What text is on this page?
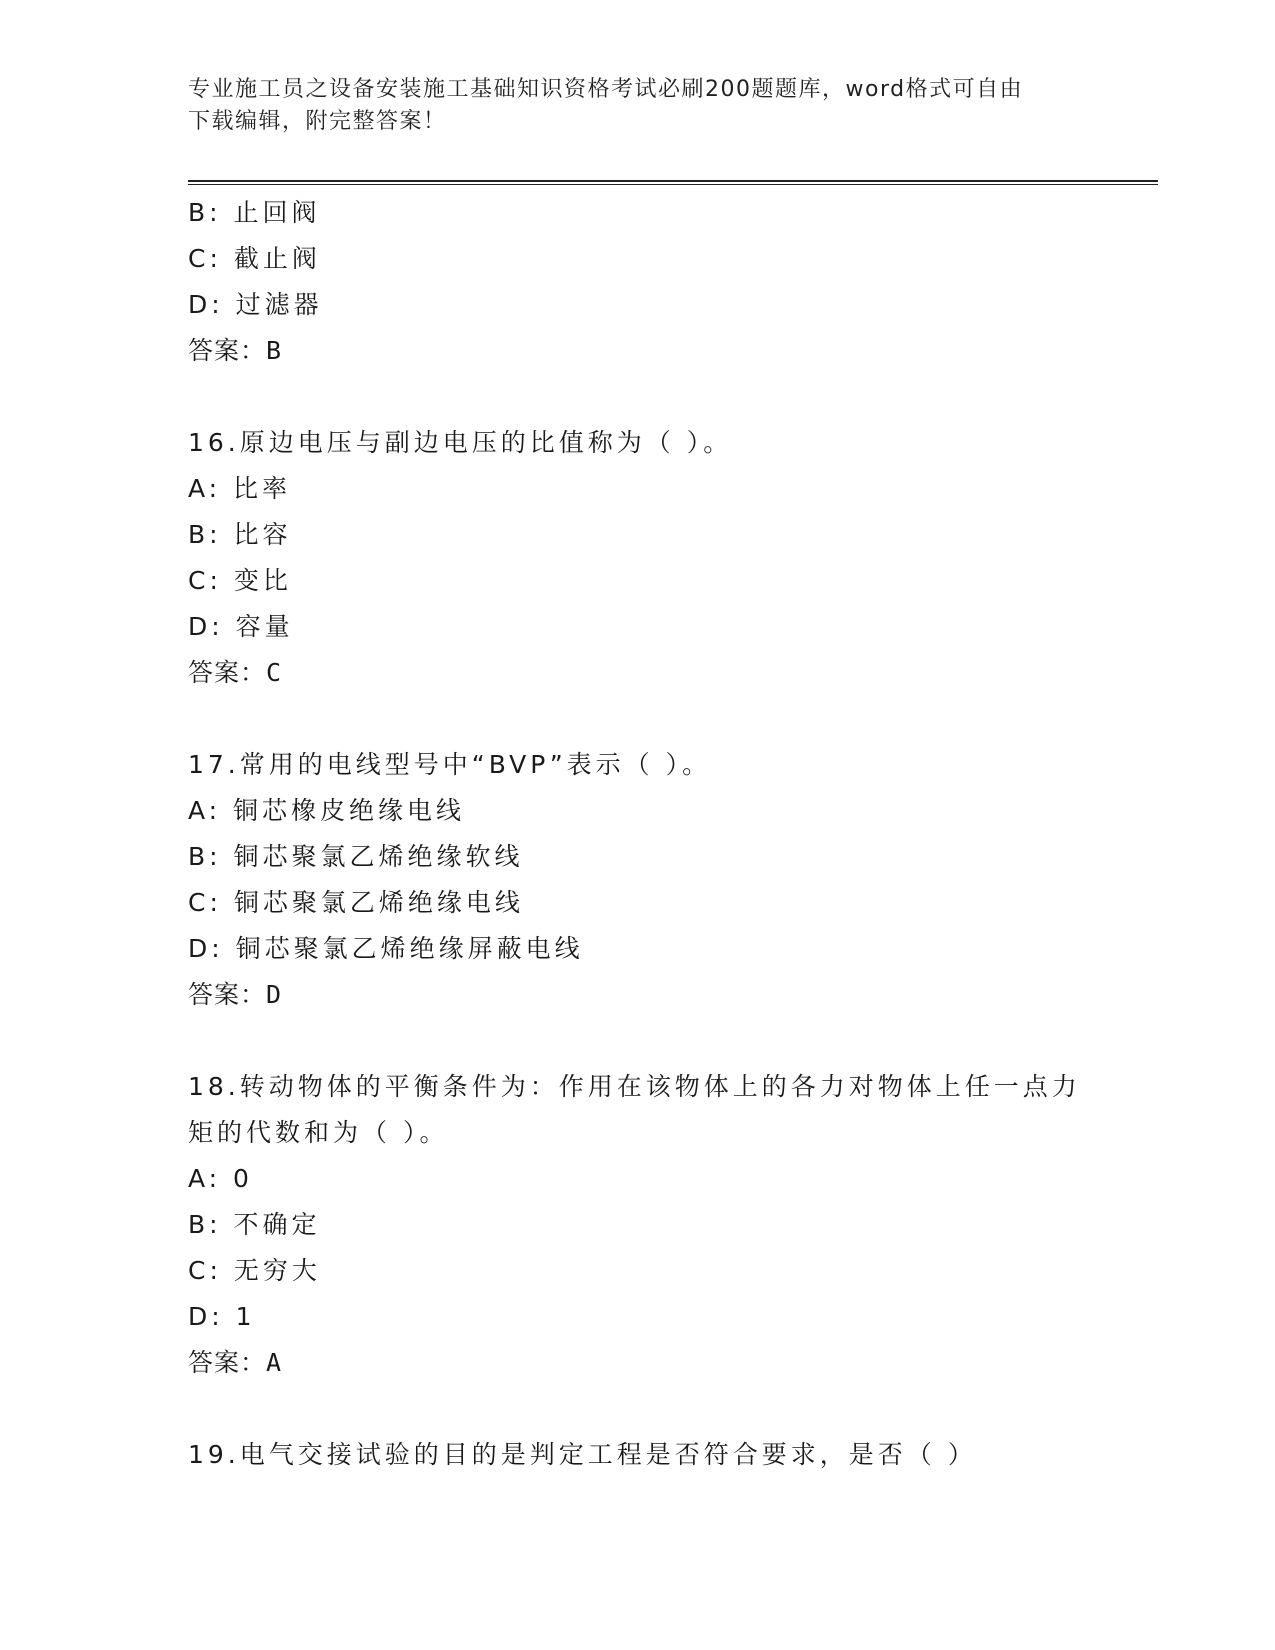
专业施工员之设备安装施工基础知识资格考试必刷200题题库，word格式可自由
下载编辑，附完整答案！
B: 止回阀
C: 截止阀
D: 过滤器
答案：B
16.原边电压与副边电压的比值称为（ ）。
A: 比率
B: 比容
C: 变比
D: 容量
答案：C
17.常用的电线型号中“BVP”表示（ ）。
A: 铜芯橡皮绝缘电线
B: 铜芯聚氯乙烯绝缘软线
C: 铜芯聚氯乙烯绝缘电线
D: 铜芯聚氯乙烯绝缘屏蔽电线
答案：D
18.转动物体的平衡条件为：作用在该物体上的各力对物体上任一点力
矩的代数和为（ ）。
A: 0
B: 不确定
C: 无穷大
D: 1
答案：A
19.电气交接试验的目的是判定工程是否符合要求，是否（ ）
